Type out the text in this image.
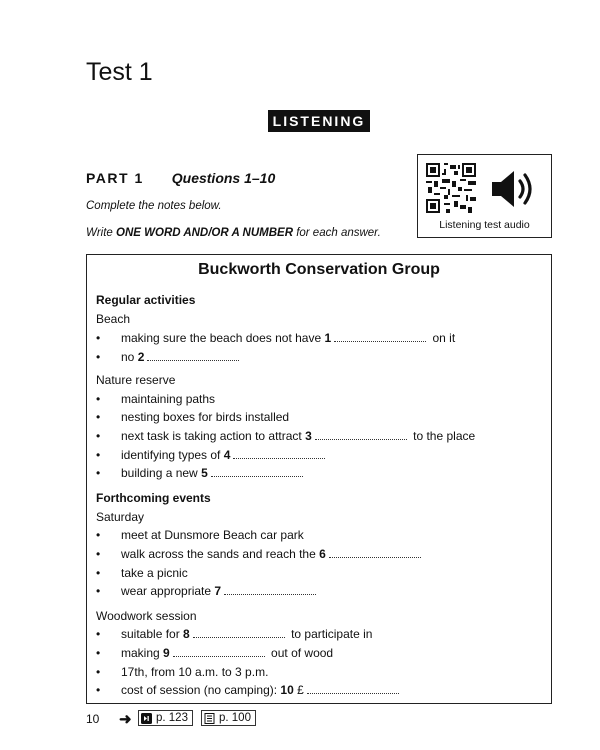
Test 1
LISTENING
PART 1 Questions 1–10
Complete the notes below.
Write ONE WORD AND/OR A NUMBER for each answer.
Listening test audio
Buckworth Conservation Group
Regular activities
Beach
• making sure the beach does not have 1	on it
• no 2
Nature reserve
• maintaining paths
• nesting boxes for birds installed
• next task is taking action to attract 3	to the place
• identifying types of 4
• building a new 5
Forthcoming events
Saturday
• meet at Dunsmore Beach car park
• walk across the sands and reach the 6
• take a picnic
• wear appropriate 7
Woodwork session
• suitable for 8	to participate in
• making 9	out of wood
• 17th, from 10 a.m. to 3 p.m.
• cost of session (no camping): 10 £
10 ➜ p. 123	p. 100
